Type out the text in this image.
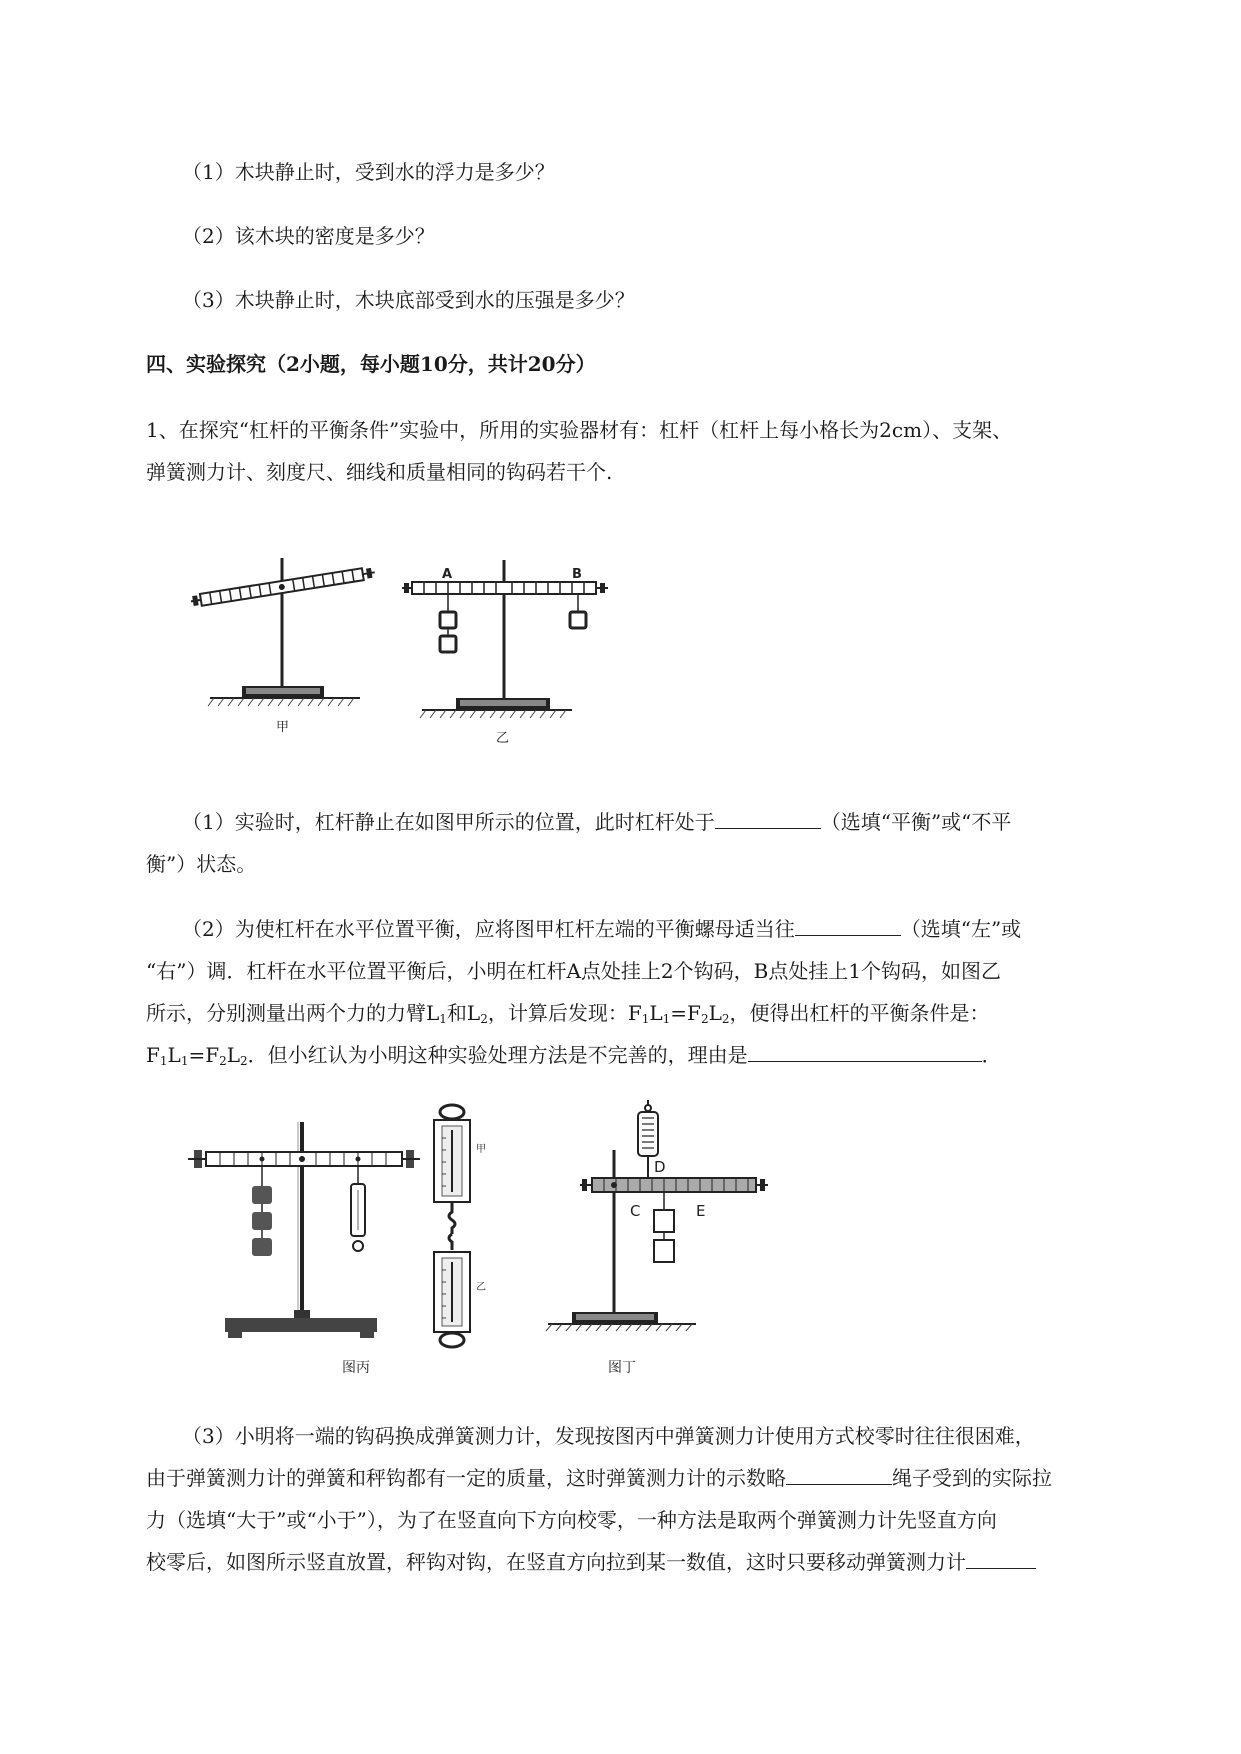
（1）木块静止时，受到水的浮力是多少？
（2）该木块的密度是多少？
（3）木块静止时，木块底部受到水的压强是多少？
四、实验探究（2小题，每小题10分，共计20分）
1、在探究“杠杆的平衡条件”实验中，所用的实验器材有：杠杆（杠杆上每小格长为2cm）、支架、
弹簧测力计、刻度尺、细线和质量相同的钩码若干个.
甲
A	B
乙
（1）实验时，杠杆静止在如图甲所示的位置，此时杠杆处于	（选填“平衡”或“不平
衡”）状态。
（2）为使杠杆在水平位置平衡，应将图甲杠杆左端的平衡螺母适当往	（选填“左”或
“右”）调．杠杆在水平位置平衡后，小明在杠杆A点处挂上2个钩码，B点处挂上1个钩码，如图乙
所示，分别测量出两个力的力臂$L_1$和$L_2$，计算后发现：$F_1L_1=F_2L_2$，便得出杠杆的平衡条件是：
$F_1L_1=F_2L_2$．但小红认为小明这种实验处理方法是不完善的，理由是	．
图丙
甲
乙
D
C	E
图丁
（3）小明将一端的钩码换成弹簧测力计，发现按图丙中弹簧测力计使用方式校零时往往很困难，
由于弹簧测力计的弹簧和秤钩都有一定的质量，这时弹簧测力计的示数略	绳子受到的实际拉
力（选填“大于”或“小于”），为了在竖直向下方向校零，一种方法是取两个弹簧测力计先竖直方向
校零后，如图所示竖直放置，秤钩对钩，在竖直方向拉到某一数值，这时只要移动弹簧测力计
